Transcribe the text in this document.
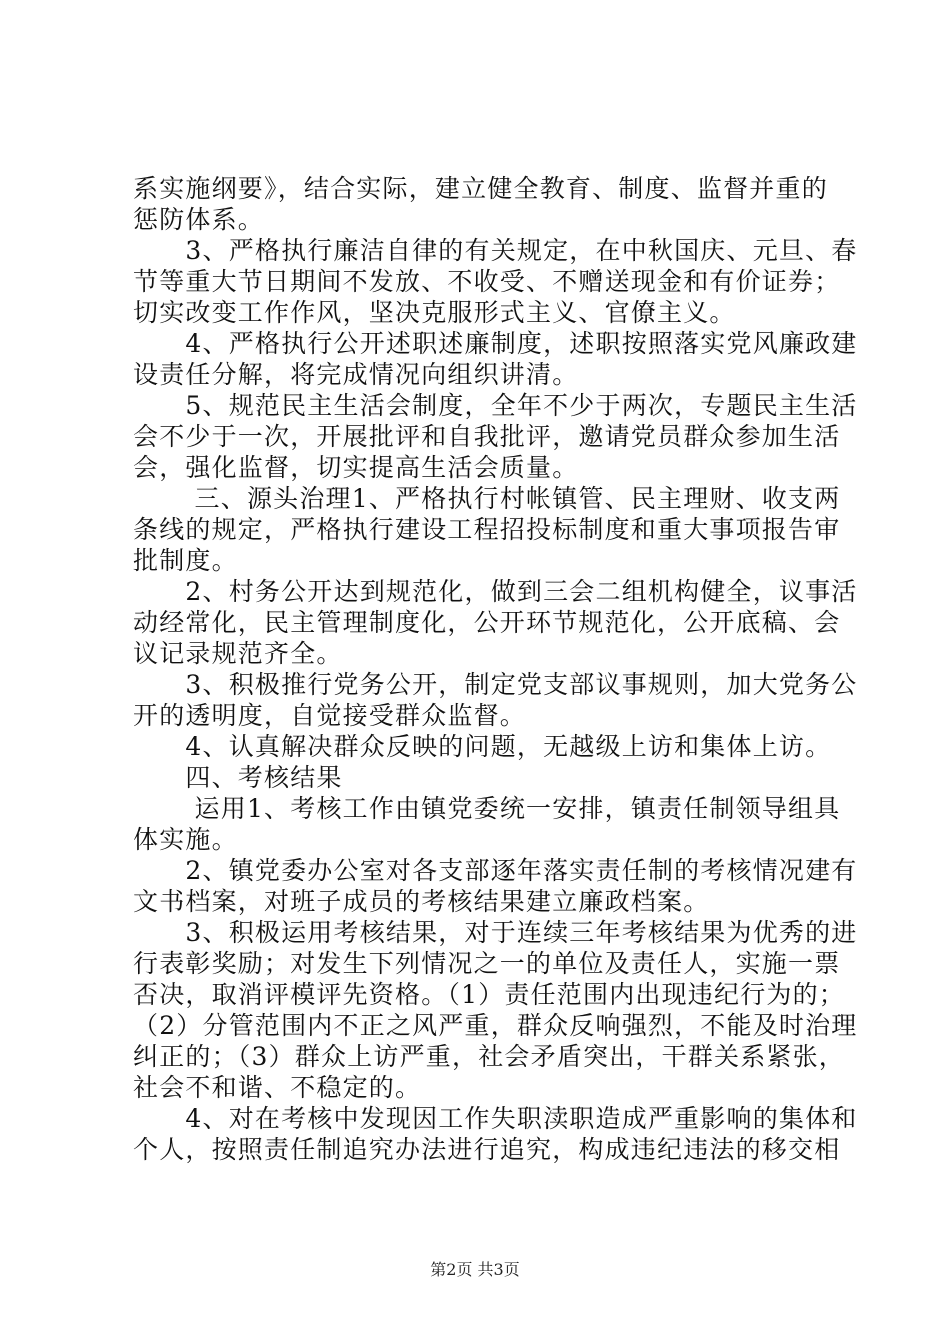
系实施纲要》，结合实际，建立健全教育、制度、监督并重的
惩防体系。
　　3、严格执行廉洁自律的有关规定，在中秋国庆、元旦、春
节等重大节日期间不发放、不收受、不赠送现金和有价证券；
切实改变工作作风，坚决克服形式主义、官僚主义。
　　4、严格执行公开述职述廉制度，述职按照落实党风廉政建
设责任分解，将完成情况向组织讲清。
　　5、规范民主生活会制度，全年不少于两次，专题民主生活
会不少于一次，开展批评和自我批评，邀请党员群众参加生活
会，强化监督，切实提高生活会质量。
　　 三、源头治理1、严格执行村帐镇管、民主理财、收支两
条线的规定，严格执行建设工程招投标制度和重大事项报告审
批制度。
　　2、村务公开达到规范化，做到三会二组机构健全，议事活
动经常化，民主管理制度化，公开环节规范化，公开底稿、会
议记录规范齐全。
　　3、积极推行党务公开，制定党支部议事规则，加大党务公
开的透明度，自觉接受群众监督。
　　4、认真解决群众反映的问题，无越级上访和集体上访。
　　四、考核结果
　　 运用1、考核工作由镇党委统一安排，镇责任制领导组具
体实施。
　　2、镇党委办公室对各支部逐年落实责任制的考核情况建有
文书档案，对班子成员的考核结果建立廉政档案。
　　3、积极运用考核结果，对于连续三年考核结果为优秀的进
行表彰奖励；对发生下列情况之一的单位及责任人，实施一票
否决，取消评模评先资格。（1）责任范围内出现违纪行为的；
（2）分管范围内不正之风严重，群众反响强烈，不能及时治理
纠正的；（3）群众上访严重，社会矛盾突出，干群关系紧张，
社会不和谐、不稳定的。
　　4、对在考核中发现因工作失职渎职造成严重影响的集体和
个人，按照责任制追究办法进行追究，构成违纪违法的移交相
第2页 共3页
